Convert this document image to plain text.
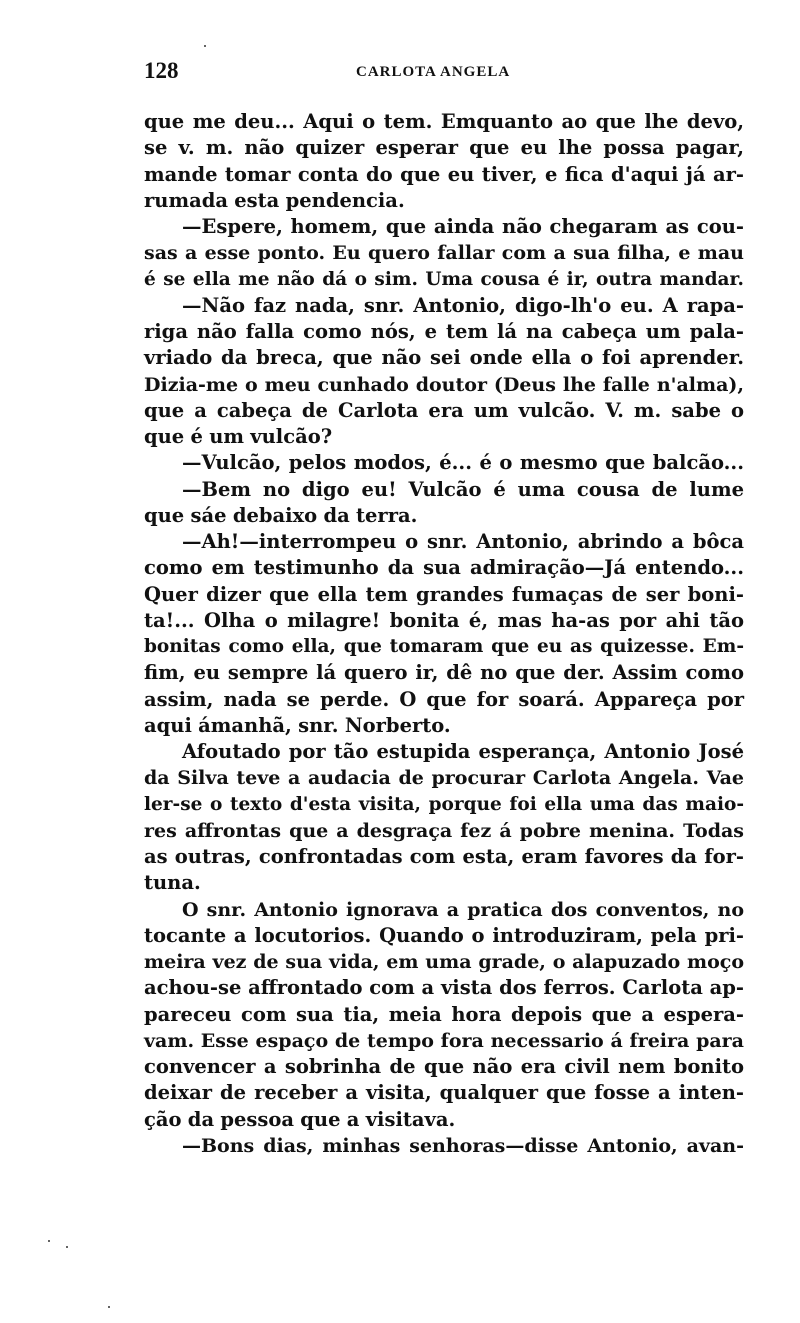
128	CARLOTA ANGELA
que me deu... Aqui o tem. Emquanto ao que lhe devo,
se v. m. não quizer esperar que eu lhe possa pagar,
mande tomar conta do que eu tiver, e fica d'aqui já ar-
rumada esta pendencia.
—Espere, homem, que ainda não chegaram as cou-
sas a esse ponto. Eu quero fallar com a sua filha, e mau
é se ella me não dá o sim. Uma cousa é ir, outra mandar.
—Não faz nada, snr. Antonio, digo-lh'o eu. A rapa-
riga não falla como nós, e tem lá na cabeça um pala-
vriado da breca, que não sei onde ella o foi aprender.
Dizia-me o meu cunhado doutor (Deus lhe falle n'alma),
que a cabeça de Carlota era um vulcão. V. m. sabe o
que é um vulcão?
—Vulcão, pelos modos, é... é o mesmo que balcão...
—Bem no digo eu! Vulcão é uma cousa de lume
que sáe debaixo da terra.
—Ah!—interrompeu o snr. Antonio, abrindo a bôca
como em testimunho da sua admiração—Já entendo...
Quer dizer que ella tem grandes fumaças de ser boni-
ta!... Olha o milagre! bonita é, mas ha-as por ahi tão
bonitas como ella, que tomaram que eu as quizesse. Em-
fim, eu sempre lá quero ir, dê no que der. Assim como
assim, nada se perde. O que for soará. Appareça por
aqui ámanhã, snr. Norberto.
Afoutado por tão estupida esperança, Antonio José
da Silva teve a audacia de procurar Carlota Angela. Vae
ler-se o texto d'esta visita, porque foi ella uma das maio-
res affrontas que a desgraça fez á pobre menina. Todas
as outras, confrontadas com esta, eram favores da for-
tuna.
O snr. Antonio ignorava a pratica dos conventos, no
tocante a locutorios. Quando o introduziram, pela pri-
meira vez de sua vida, em uma grade, o alapuzado moço
achou-se affrontado com a vista dos ferros. Carlota ap-
pareceu com sua tia, meia hora depois que a espera-
vam. Esse espaço de tempo fora necessario á freira para
convencer a sobrinha de que não era civil nem bonito
deixar de receber a visita, qualquer que fosse a inten-
ção da pessoa que a visitava.
—Bons dias, minhas senhoras—disse Antonio, avan-
